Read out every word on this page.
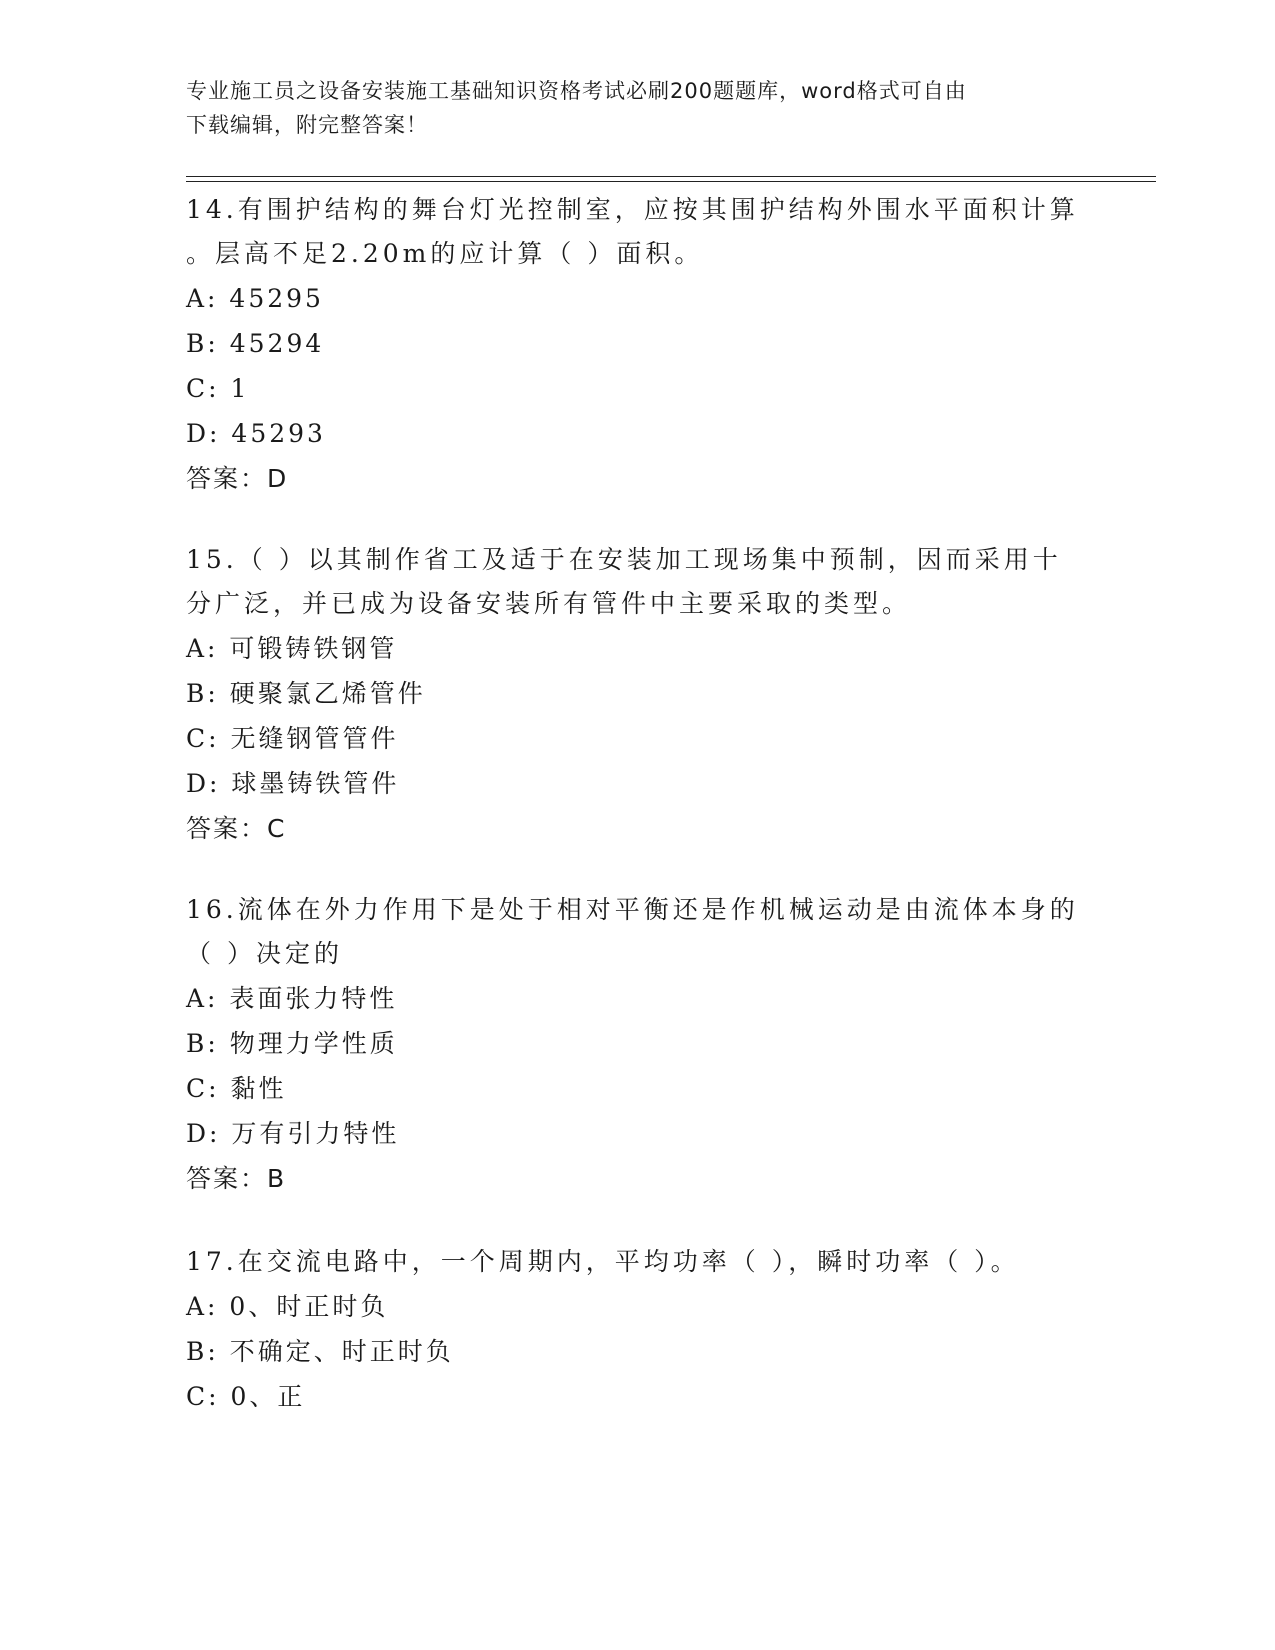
专业施工员之设备安装施工基础知识资格考试必刷200题题库，word格式可自由
下载编辑，附完整答案！

14.有围护结构的舞台灯光控制室，应按其围护结构外围水平面积计算

。层高不足2.20m的应计算（ ）面积。

A: 45295

B: 45294

C: 1

D: 45293

答案：D

15.（ ）以其制作省工及适于在安装加工现场集中预制，因而采用十

分广泛，并已成为设备安装所有管件中主要采取的类型。

A: 可锻铸铁钢管

B: 硬聚氯乙烯管件

C: 无缝钢管管件

D: 球墨铸铁管件

答案：C

16.流体在外力作用下是处于相对平衡还是作机械运动是由流体本身的

（ ）决定的

A: 表面张力特性

B: 物理力学性质

C: 黏性

D: 万有引力特性

答案：B

17.在交流电路中，一个周期内，平均功率（ ），瞬时功率（ ）。

A: 0、时正时负

B: 不确定、时正时负

C: 0、正
